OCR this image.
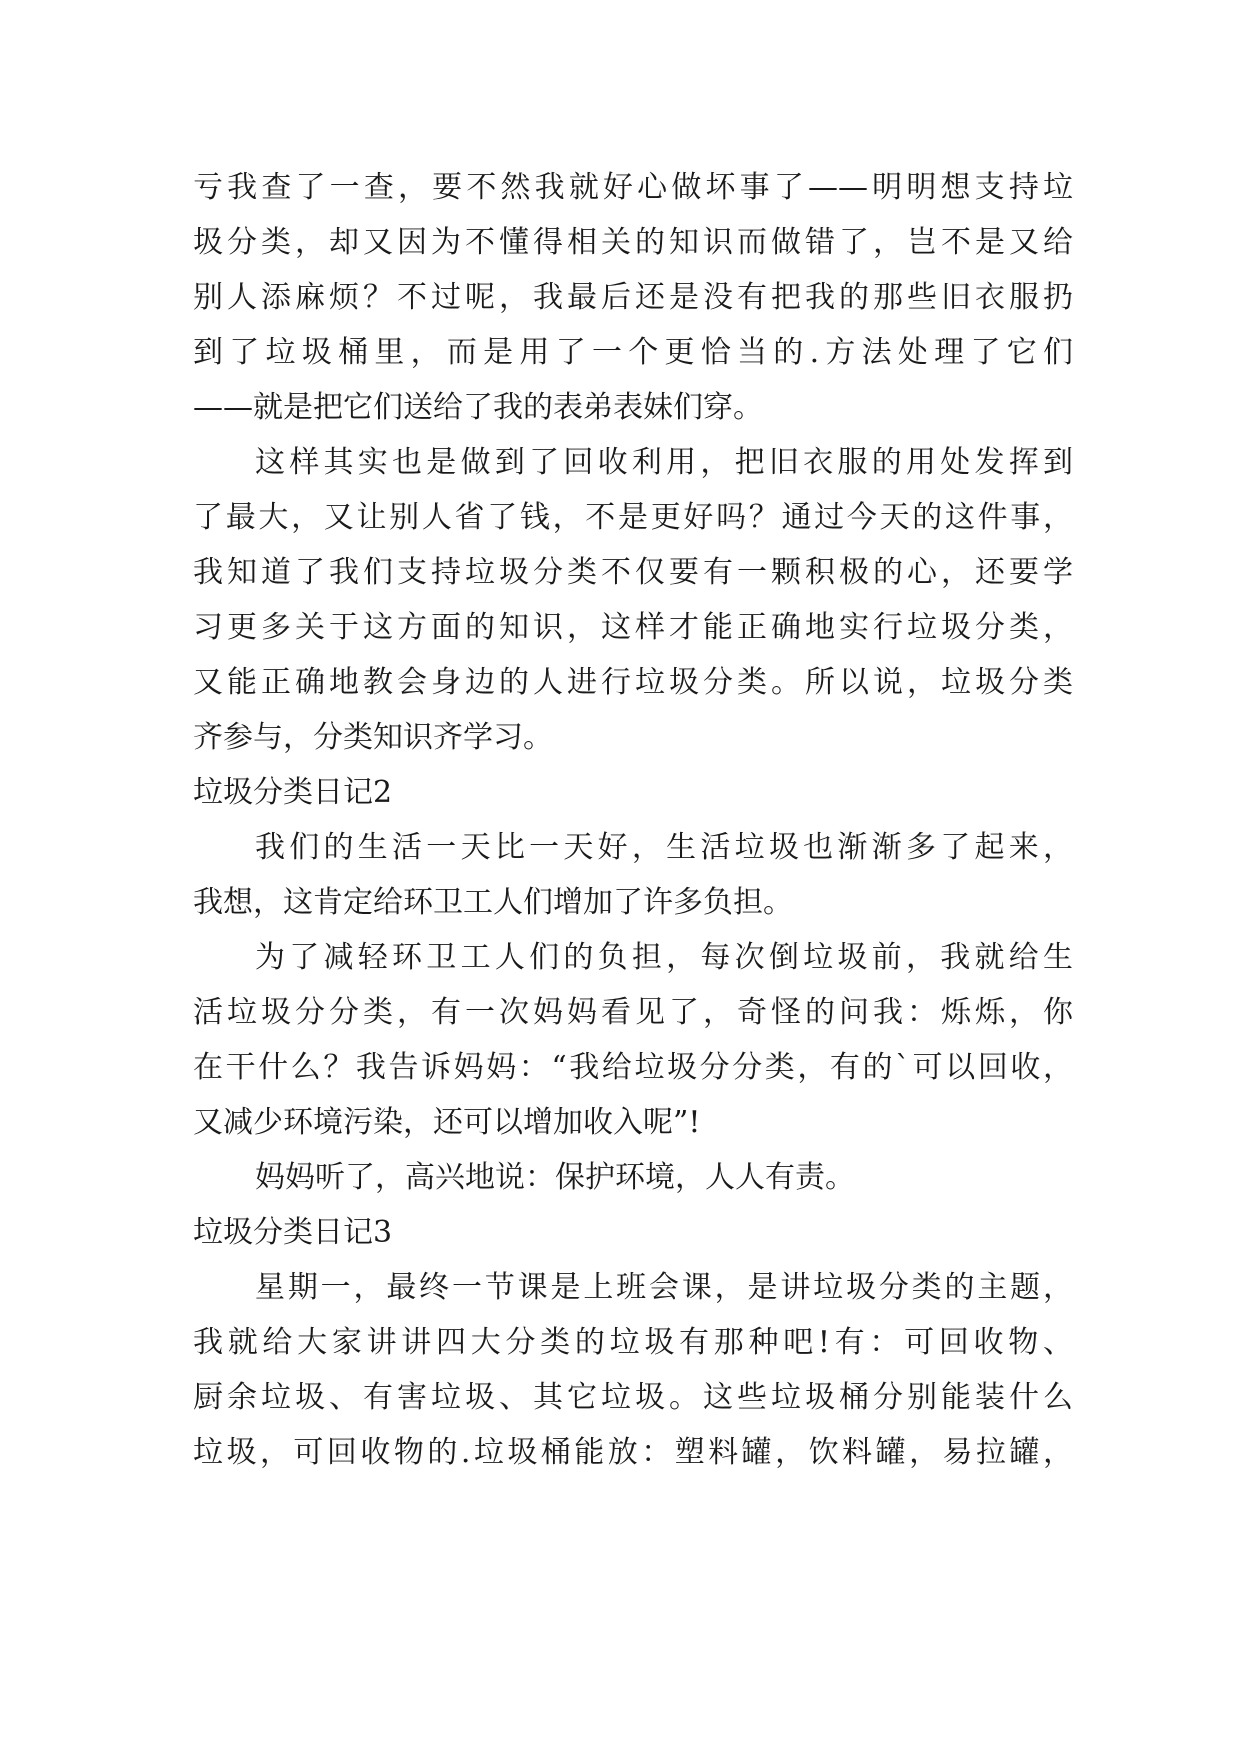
亏我查了一查，要不然我就好心做坏事了——明明想支持垃
圾分类，却又因为不懂得相关的知识而做错了，岂不是又给
别人添麻烦？不过呢，我最后还是没有把我的那些旧衣服扔
到了垃圾桶里，而是用了一个更恰当的.方法处理了它们
——就是把它们送给了我的表弟表妹们穿。
这样其实也是做到了回收利用，把旧衣服的用处发挥到
了最大，又让别人省了钱，不是更好吗？通过今天的这件事，
我知道了我们支持垃圾分类不仅要有一颗积极的心，还要学
习更多关于这方面的知识，这样才能正确地实行垃圾分类，
又能正确地教会身边的人进行垃圾分类。所以说，垃圾分类
齐参与，分类知识齐学习。
垃圾分类日记2
我们的生活一天比一天好，生活垃圾也渐渐多了起来，
我想，这肯定给环卫工人们增加了许多负担。
为了减轻环卫工人们的负担，每次倒垃圾前，我就给生
活垃圾分分类，有一次妈妈看见了，奇怪的问我：烁烁，你
在干什么？我告诉妈妈：“我给垃圾分分类，有的`可以回收，
又减少环境污染，还可以增加收入呢”!
妈妈听了，高兴地说：保护环境，人人有责。
垃圾分类日记3
星期一，最终一节课是上班会课，是讲垃圾分类的主题，
我就给大家讲讲四大分类的垃圾有那种吧!有：可回收物、
厨余垃圾、有害垃圾、其它垃圾。这些垃圾桶分别能装什么
垃圾，可回收物的.垃圾桶能放：塑料罐，饮料罐，易拉罐，
